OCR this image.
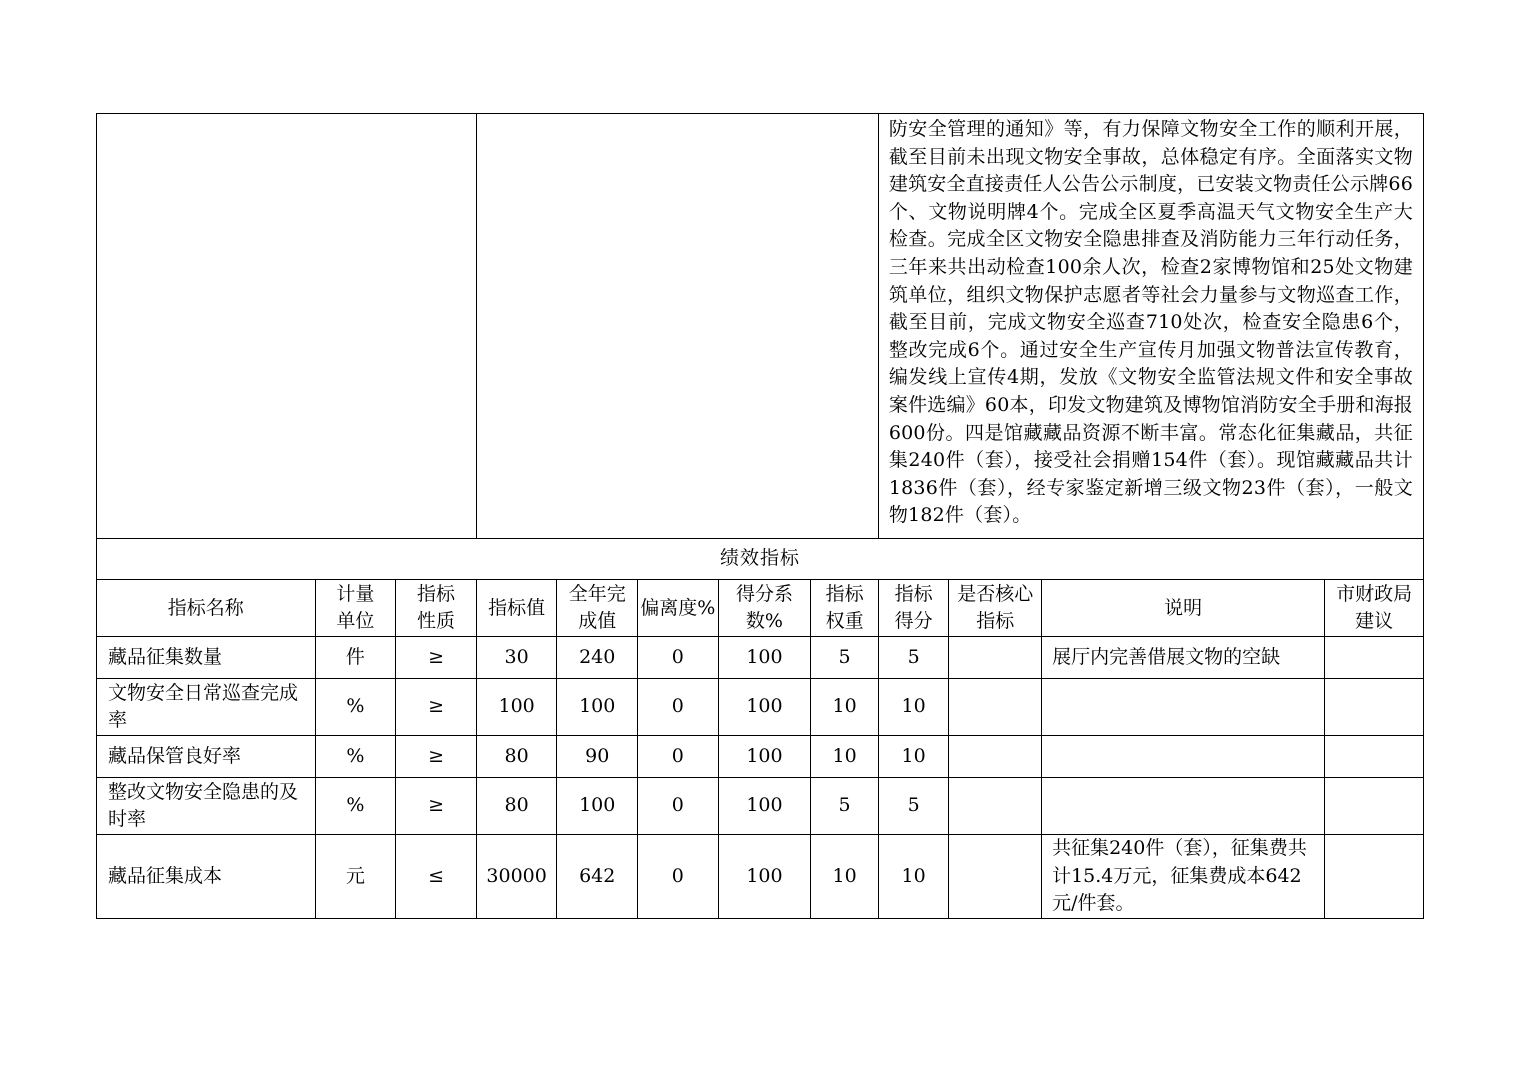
								防安全管理的通知》等，有力保障文物安全工作的顺利开展，截至目前未出现文物安全事故，总体稳定有序。全面落实文物建筑安全直接责任人公告公示制度，已安装文物责任公示牌66个、文物说明牌4个。完成全区夏季高温天气文物安全生产大检查。完成全区文物安全隐患排查及消防能力三年行动任务，三年来共出动检查100余人次，检查2家博物馆和25处文物建筑单位，组织文物保护志愿者等社会力量参与文物巡查工作，截至目前，完成文物安全巡查710处次，检查安全隐患6个，整改完成6个。通过安全生产宣传月加强文物普法宣传教育，编发线上宣传4期，发放《文物安全监管法规文件和安全事故案件选编》60本，印发文物建筑及博物馆消防安全手册和海报600份。四是馆藏藏品资源不断丰富。常态化征集藏品，共征集240件（套），接受社会捐赠154件（套）。现馆藏藏品共计1836件（套），经专家鉴定新增三级文物23件（套），一般文物182件（套）。			
绩效指标											
指标名称	计量单位	指标性质	指标值	全年完成值	偏离度%	得分系数%	指标权重	指标得分	是否核心指标	说明	市财政局建议
藏品征集数量	件	≥	30	240	0	100	5	5		展厅内完善借展文物的空缺	
文物安全日常巡查完成率	%	≥	100	100	0	100	10	10			
藏品保管良好率	%	≥	80	90	0	100	10	10			
整改文物安全隐患的及时率	%	≥	80	100	0	100	5	5			
藏品征集成本	元	≤	30000	642	0	100	10	10		共征集240件（套），征集费共计15.4万元，征集费成本642元/件套。	
